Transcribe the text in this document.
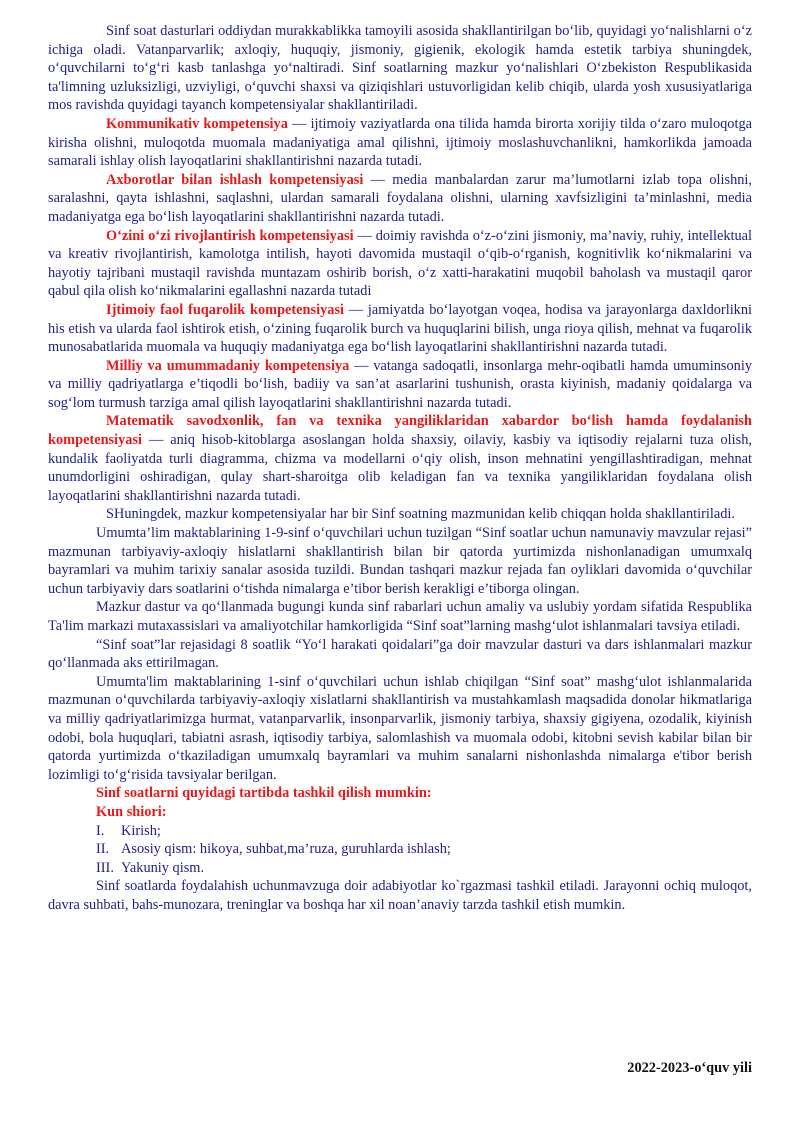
Sinf soat dasturlari oddiydan murakkablikka tamoyili asosida shakllantirilgan bo‘lib, quyidagi yo‘nalishlarni o‘z ichiga oladi. Vatanparvarlik; axloqiy, huquqiy, jismoniy, gigienik, ekologik hamda estetik tarbiya shuningdek, o‘quvchilarni to‘g‘ri kasb tanlashga yo‘naltiradi. Sinf soatlarning mazkur yo‘nalishlari O‘zbekiston Respublikasida ta'limning uzluksizligi, uzviyligi, o‘quvchi shaxsi va qiziqishlari ustuvorligidan kelib chiqib, ularda yosh xususiyatlariga mos ravishda quyidagi tayanch kompetensiyalar shakllantiriladi.

Kommunikativ kompetensiya — ijtimoiy vaziyatlarda ona tilida hamda birorta xorijiy tilda o‘zaro muloqotga kirisha olishni, muloqotda muomala madaniyatiga amal qilishni, ijtimoiy moslashuvchanlikni, hamkorlikda jamoada samarali ishlay olish layoqatlarini shakllantirishni nazarda tutadi.

Axborotlar bilan ishlash kompetensiyasi — media manbalardan zarur ma’lumotlarni izlab topa olishni, saralashni, qayta ishlashni, saqlashni, ulardan samarali foydalana olishni, ularning xavfsizligini ta’minlashni, media madaniyatga ega bo‘lish layoqatlarini shakllantirishni nazarda tutadi.

O‘zini o‘zi rivojlantirish kompetensiyasi — doimiy ravishda o‘z-o‘zini jismoniy, ma’naviy, ruhiy, intellektual va kreativ rivojlantirish, kamolotga intilish, hayoti davomida mustaqil o‘qib-o‘rganish, kognitivlik ko‘nikmalarini va hayotiy tajribani mustaqil ravishda muntazam oshirib borish, o‘z xatti-harakatini muqobil baholash va mustaqil qaror qabul qila olish ko‘nikmalarini egallashni nazarda tutadi

Ijtimoiy faol fuqarolik kompetensiyasi — jamiyatda bo‘layotgan voqea, hodisa va jarayonlarga daxldorlikni his etish va ularda faol ishtirok etish, o‘zining fuqarolik burch va huquqlarini bilish, unga rioya qilish, mehnat va fuqarolik munosabatlarida muomala va huquqiy madaniyatga ega bo‘lish layoqatlarini shakllantirishni nazarda tutadi.

Milliy va umummadaniy kompetensiya — vatanga sadoqatli, insonlarga mehr-oqibatli hamda umuminsoniy va milliy qadriyatlarga e’tiqodli bo‘lish, badiiy va san’at asarlarini tushunish, orasta kiyinish, madaniy qoidalarga va sog‘lom turmush tarziga amal qilish layoqatlarini shakllantirishni nazarda tutadi.

Matematik savodxonlik, fan va texnika yangiliklaridan xabardor bo‘lish hamda foydalanish kompetensiyasi — aniq hisob-kitoblarga asoslangan holda shaxsiy, oilaviy, kasbiy va iqtisodiy rejalarni tuza olish, kundalik faoliyatda turli diagramma, chizma va modellarni o‘qiy olish, inson mehnatini yengillashtiradigan, mehnat unumdorligini oshiradigan, qulay shart-sharoitga olib keladigan fan va texnika yangiliklaridan foydalana olish layoqatlarini shakllantirishni nazarda tutadi.

SHuningdek, mazkur kompetensiyalar har bir Sinf soatning mazmunidan kelib chiqqan holda shakllantiriladi.

Umumta’lim maktablarining 1-9-sinf o‘quvchilari uchun tuzilgan “Sinf soatlar uchun namunaviy mavzular rejasi” mazmunan tarbiyaviy-axloqiy hislatlarni shakllantirish bilan bir qatorda yurtimizda nishonlanadigan umumxalq bayramlari va muhim tarixiy sanalar asosida tuzildi. Bundan tashqari mazkur rejada fan oyliklari davomida o‘quvchilar uchun tarbiyaviy dars soatlarini o‘tishda nimalarga e’tibor berish kerakligi e’tiborga olingan.

Mazkur dastur va qo‘llanmada bugungi kunda sinf rabarlari uchun amaliy va uslubiy yordam sifatida Respublika Ta'lim markazi mutaxassislari va amaliyotchilar hamkorligida “Sinf soat”larning mashg‘ulot ishlanmalari tavsiya etiladi.

“Sinf soat”lar rejasidagi 8 soatlik “Yo‘l harakati qoidalari”ga doir mavzular dasturi va dars ishlanmalari mazkur qo‘llanmada aks ettirilmagan.

Umumta'lim maktablarining 1-sinf o‘quvchilari uchun ishlab chiqilgan “Sinf soat” mashg‘ulot ishlanmalarida mazmunan o‘quvchilarda tarbiyaviy-axloqiy xislatlarni shakllantirish va mustahkamlash maqsadida donolar hikmatlariga va milliy qadriyatlarimizga hurmat, vatanparvarlik, insonparvarlik, jismoniy tarbiya, shaxsiy gigiyena, ozodalik, kiyinish odobi, bola huquqlari, tabiatni asrash, iqtisodiy tarbiya, salomlashish va muomala odobi, kitobni sevish kabilar bilan bir qatorda yurtimizda o‘tkaziladigan umumxalq bayramlari va muhim sanalarni nishonlashda nimalarga e'tibor berish lozimligi to‘g‘risida tavsiyalar berilgan.

Sinf soatlarni quyidagi tartibda tashkil qilish mumkin:

Kun shiori:

I. Kirish;

II. Asosiy qism: hikoya, suhbat,ma’ruza, guruhlarda ishlash;

III. Yakuniy qism.

Sinf soatlarda foydalahish uchunmavzuga doir adabiyotlar ko`rgazmasi tashkil etiladi. Jarayonni ochiq muloqot, davra suhbati, bahs-munozara, treninglar va boshqa har xil noan’anaviy tarzda tashkil etish mumkin.

2022-2023-o‘quv yili
